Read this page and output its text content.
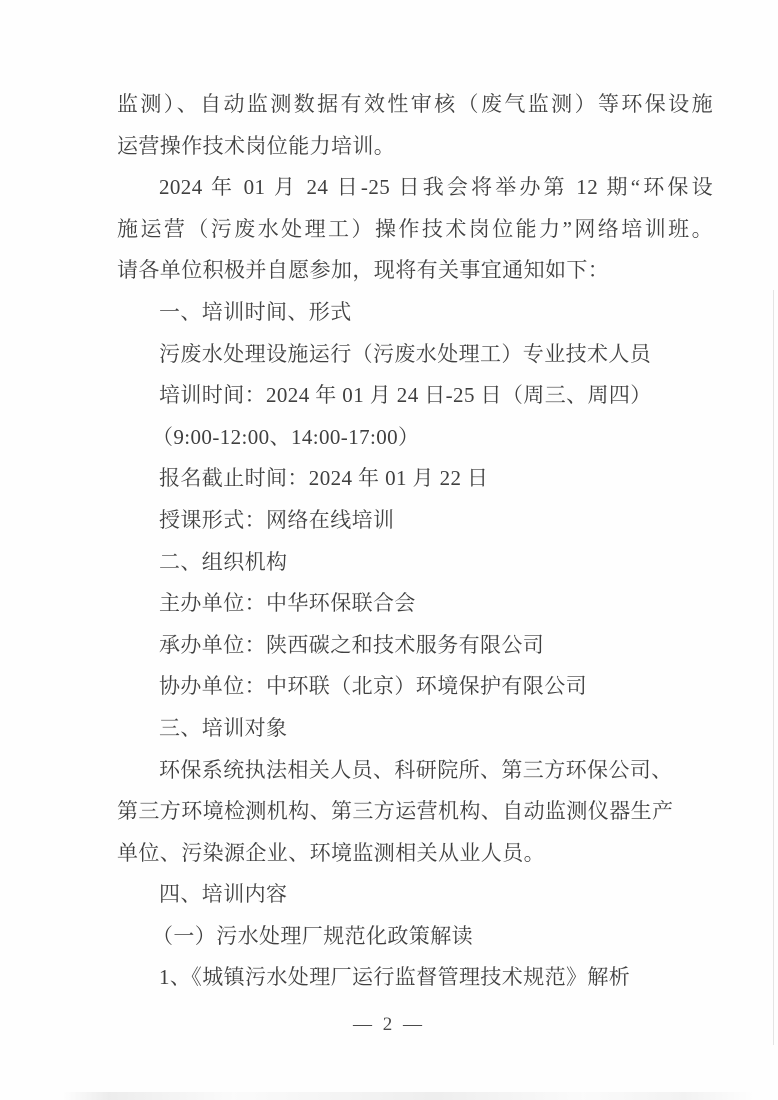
监测）、自动监测数据有效性审核（废气监测）等环保设施
运营操作技术岗位能力培训。
2024 年 01 月 24 日-25 日我会将举办第 12 期“环保设
施运营（污废水处理工）操作技术岗位能力”网络培训班。
请各单位积极并自愿参加，现将有关事宜通知如下：
一、培训时间、形式
污废水处理设施运行（污废水处理工）专业技术人员
培训时间：2024 年 01 月 24 日-25 日（周三、周四）
（9:00-12:00、14:00-17:00）
报名截止时间：2024 年 01 月 22 日
授课形式：网络在线培训
二、组织机构
主办单位：中华环保联合会
承办单位：陕西碳之和技术服务有限公司
协办单位：中环联（北京）环境保护有限公司
三、培训对象
环保系统执法相关人员、科研院所、第三方环保公司、
第三方环境检测机构、第三方运营机构、自动监测仪器生产
单位、污染源企业、环境监测相关从业人员。
四、培训内容
（一）污水处理厂规范化政策解读
1、《城镇污水处理厂运行监督管理技术规范》解析
— 2 —
